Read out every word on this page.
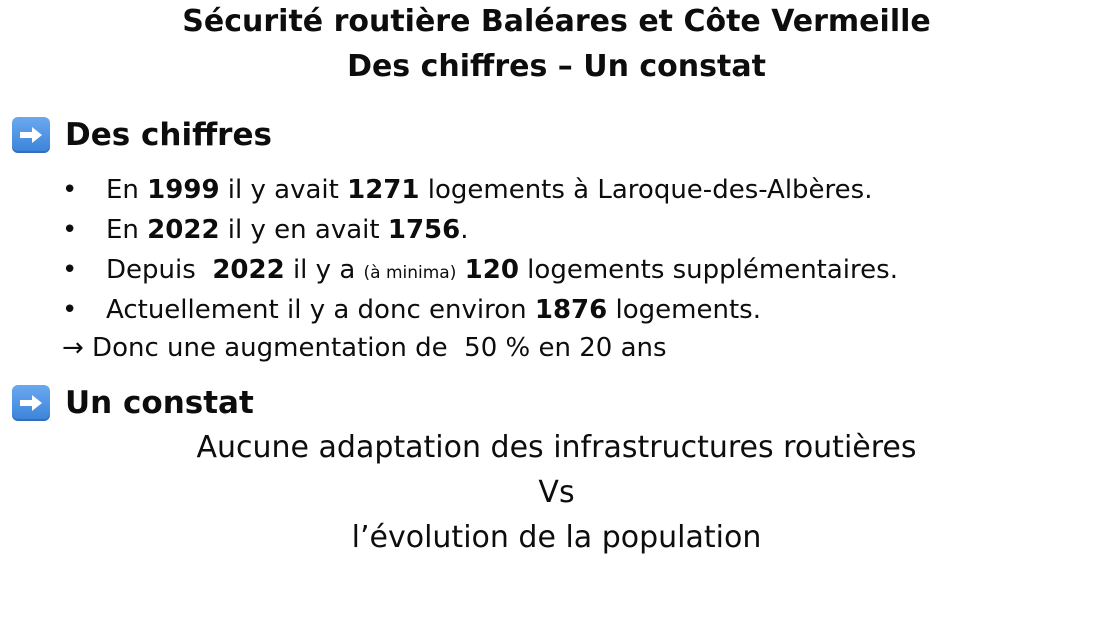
Sécurité routière Baléares et Côte Vermeille
Des chiffres – Un constat
Des chiffres
•	En 1999 il y avait 1271 logements à Laroque-des-Albères.
•	En 2022 il y en avait 1756.
•	Depuis  2022 il y a (à minima) 120 logements supplémentaires.
•	Actuellement il y a donc environ 1876 logements.
→ Donc une augmentation de  50 % en 20 ans
Un constat
Aucune adaptation des infrastructures routières
Vs
l’évolution de la population
